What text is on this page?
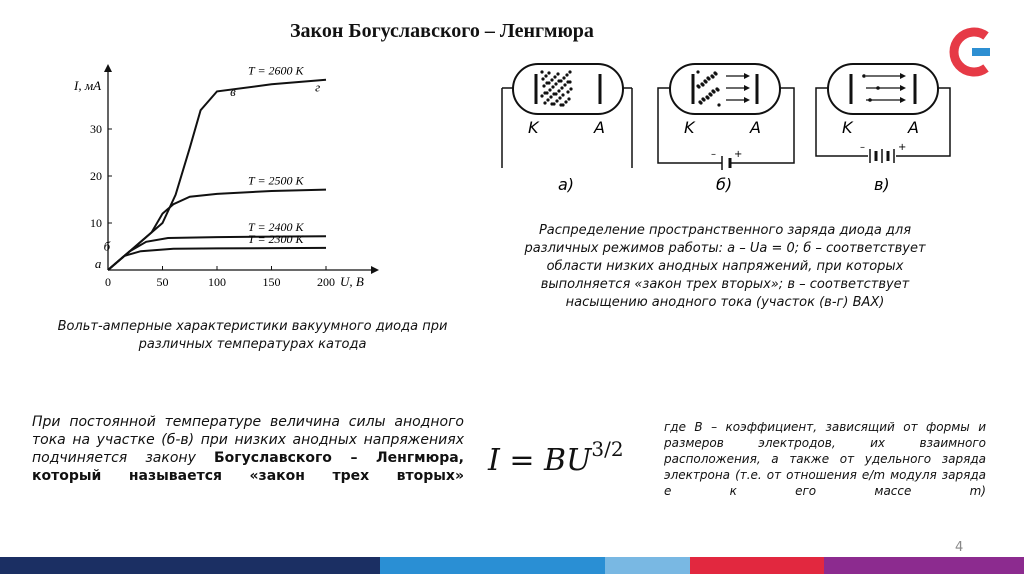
Закон Богуславского – Ленгмюра
0	50	100	150	200
10
20
30
I, мА
U, В
T = 2600 K
T = 2500 K
T = 2400 K
T = 2300 K
а
б
в	г
K	A
а)
K	A
– +
б)
K	A
–	+
в)
Вольт-амперные характеристики вакуумного диода при различных температурах катода
Распределение пространственного заряда диода для различных режимов работы: а – Uа = 0; б – соответствует области низких анодных напряжений, при которых выполняется «закон трех вторых»; в – соответствует насыщению анодного тока (участок (в-г) ВАХ)
При постоянной температуре величина силы анодного тока на участке (б-в) при низких анодных напряжениях подчиняется закону Богуславского – Ленгмюра, который называется «закон трех вторых» $I = BU^{3/2}$
где B – коэффициент, зависящий от формы и размеров электродов, их взаимного расположения, а также от удельного заряда электрона (т.е. от отношения e/m модуля заряда e к его массе m)
4
